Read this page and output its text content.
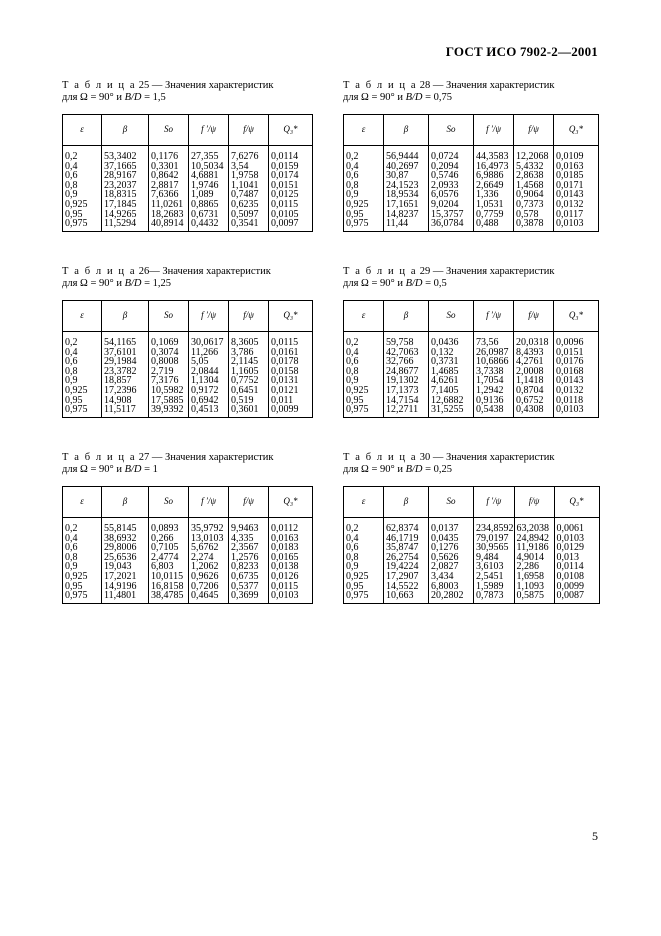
ГОСТ ИСО 7902-2—2001
Т а б л и ц а 25 — Значения характеристик
для Ω = 90° и B/D = 1,5
ε	β	So	f ′/ψ	f/ψ	Q₃*
0,2	53,3402	0,1176	27,355	7,6276	0,0114
0,4	37,1665	0,3301	10,5034	3,54	0,0159
0,6	28,9167	0,8642	4,6881	1,9758	0,0174
0,8	23,2037	2,8817	1,9746	1,1041	0,0151
0,9	18,8315	7,6366	1,089	0,7487	0,0125
0,925	17,1845	11,0261	0,8865	0,6235	0,0115
0,95	14,9265	18,2683	0,6731	0,5097	0,0105
0,975	11,5294	40,8914	0,4432	0,3541	0,0097
Т а б л и ц а 28 — Значения характеристик
для Ω = 90° и B/D = 0,75
ε	β	So	f ′/ψ	f/ψ	Q₃*
0,2	56,9444	0,0724	44,3583	12,2068	0,0109
0,4	40,2697	0,2094	16,4973	5,4332	0,0163
0,6	30,87	0,5746	6,9886	2,8638	0,0185
0,8	24,1523	2,0933	2,6649	1,4568	0,0171
0,9	18,9534	6,0576	1,336	0,9064	0,0143
0,925	17,1651	9,0204	1,0531	0,7373	0,0132
0,95	14,8237	15,3757	0,7759	0,578	0,0117
0,975	11,44	36,0784	0,488	0,3878	0,0103
Т а б л и ц а 26— Значения характеристик
для Ω = 90° и B/D = 1,25
ε	β	So	f ′/ψ	f/ψ	Q₃*
0,2	54,1165	0,1069	30,0617	8,3605	0,0115
0,4	37,6101	0,3074	11,266	3,786	0,0161
0,6	29,1984	0,8008	5,05	2,1145	0,0178
0,8	23,3782	2,719	2,0844	1,1605	0,0158
0,9	18,857	7,3176	1,1304	0,7752	0,0131
0,925	17,2396	10,5982	0,9172	0,6451	0,0121
0,95	14,908	17,5885	0,6942	0,519	0,011
0,975	11,5117	39,9392	0,4513	0,3601	0,0099
Т а б л и ц а 29 — Значения характеристик
для Ω = 90° и B/D = 0,5
ε	β	So	f ′/ψ	f/ψ	Q₃*
0,2	59,758	0,0436	73,56	20,0318	0,0096
0,4	42,7063	0,132	26,0987	8,4393	0,0151
0,6	32,766	0,3731	10,6866	4,2761	0,0176
0,8	24,8677	1,4685	3,7338	2,0008	0,0168
0,9	19,1302	4,6261	1,7054	1,1418	0,0143
0,925	17,1373	7,1405	1,2942	0,8704	0,0132
0,95	14,7154	12,6882	0,9136	0,6752	0,0118
0,975	12,2711	31,5255	0,5438	0,4308	0,0103
Т а б л и ц а 27 — Значения характеристик
для Ω = 90° и B/D = 1
ε	β	So	f ′/ψ	f/ψ	Q₃*
0,2	55,8145	0,0893	35,9792	9,9463	0,0112
0,4	38,6932	0,266	13,0103	4,335	0,0163
0,6	29,8006	0,7105	5,6762	2,3567	0,0183
0,8	25,6536	2,4774	2,274	1,2576	0,0165
0,9	19,043	6,803	1,2062	0,8233	0,0138
0,925	17,2021	10,0115	0,9626	0,6735	0,0126
0,95	14,9196	16,8158	0,7206	0,5377	0,0115
0,975	11,4801	38,4785	0,4645	0,3699	0,0103
Т а б л и ц а 30 — Значения характеристик
для Ω = 90° и B/D = 0,25
ε	β	So	f ′/ψ	f/ψ	Q₃*
0,2	62,8374	0,0137	234,8592	63,2038	0,0061
0,4	46,1719	0,0435	79,0197	24,8942	0,0103
0,6	35,8747	0,1276	30,9565	11,9186	0,0129
0,8	26,2754	0,5626	9,484	4,9014	0,013
0,9	19,4224	2,0827	3,6103	2,286	0,0114
0,925	17,2907	3,434	2,5451	1,6958	0,0108
0,95	14,5522	6,8003	1,5989	1,1093	0,0099
0,975	10,663	20,2802	0,7873	0,5875	0,0087
5
